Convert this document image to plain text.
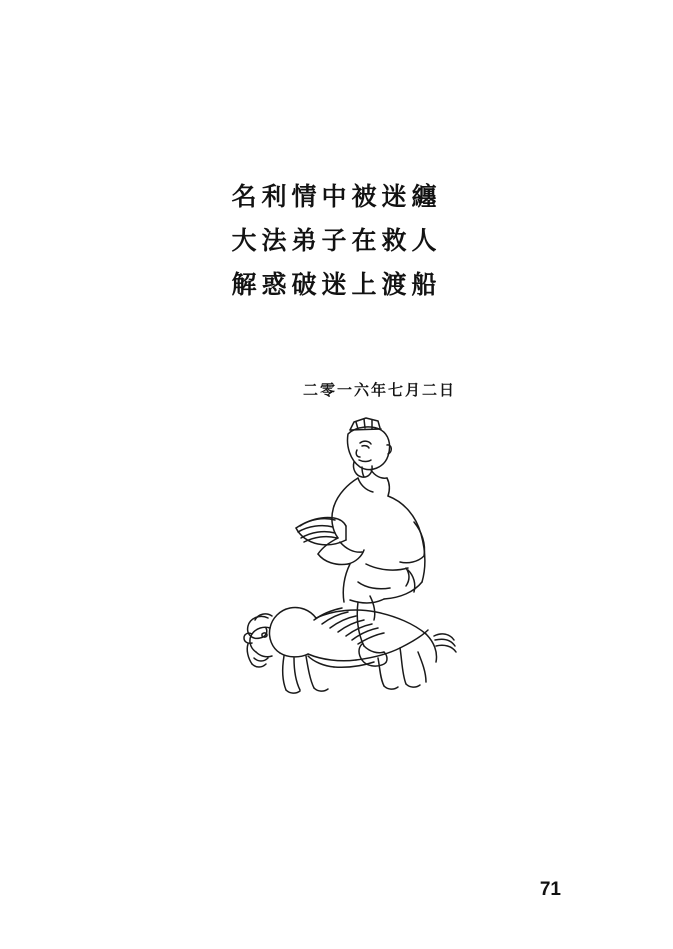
名利情中被迷纏
大法弟子在救人
解惑破迷上渡船
二零一六年七月二日
71
